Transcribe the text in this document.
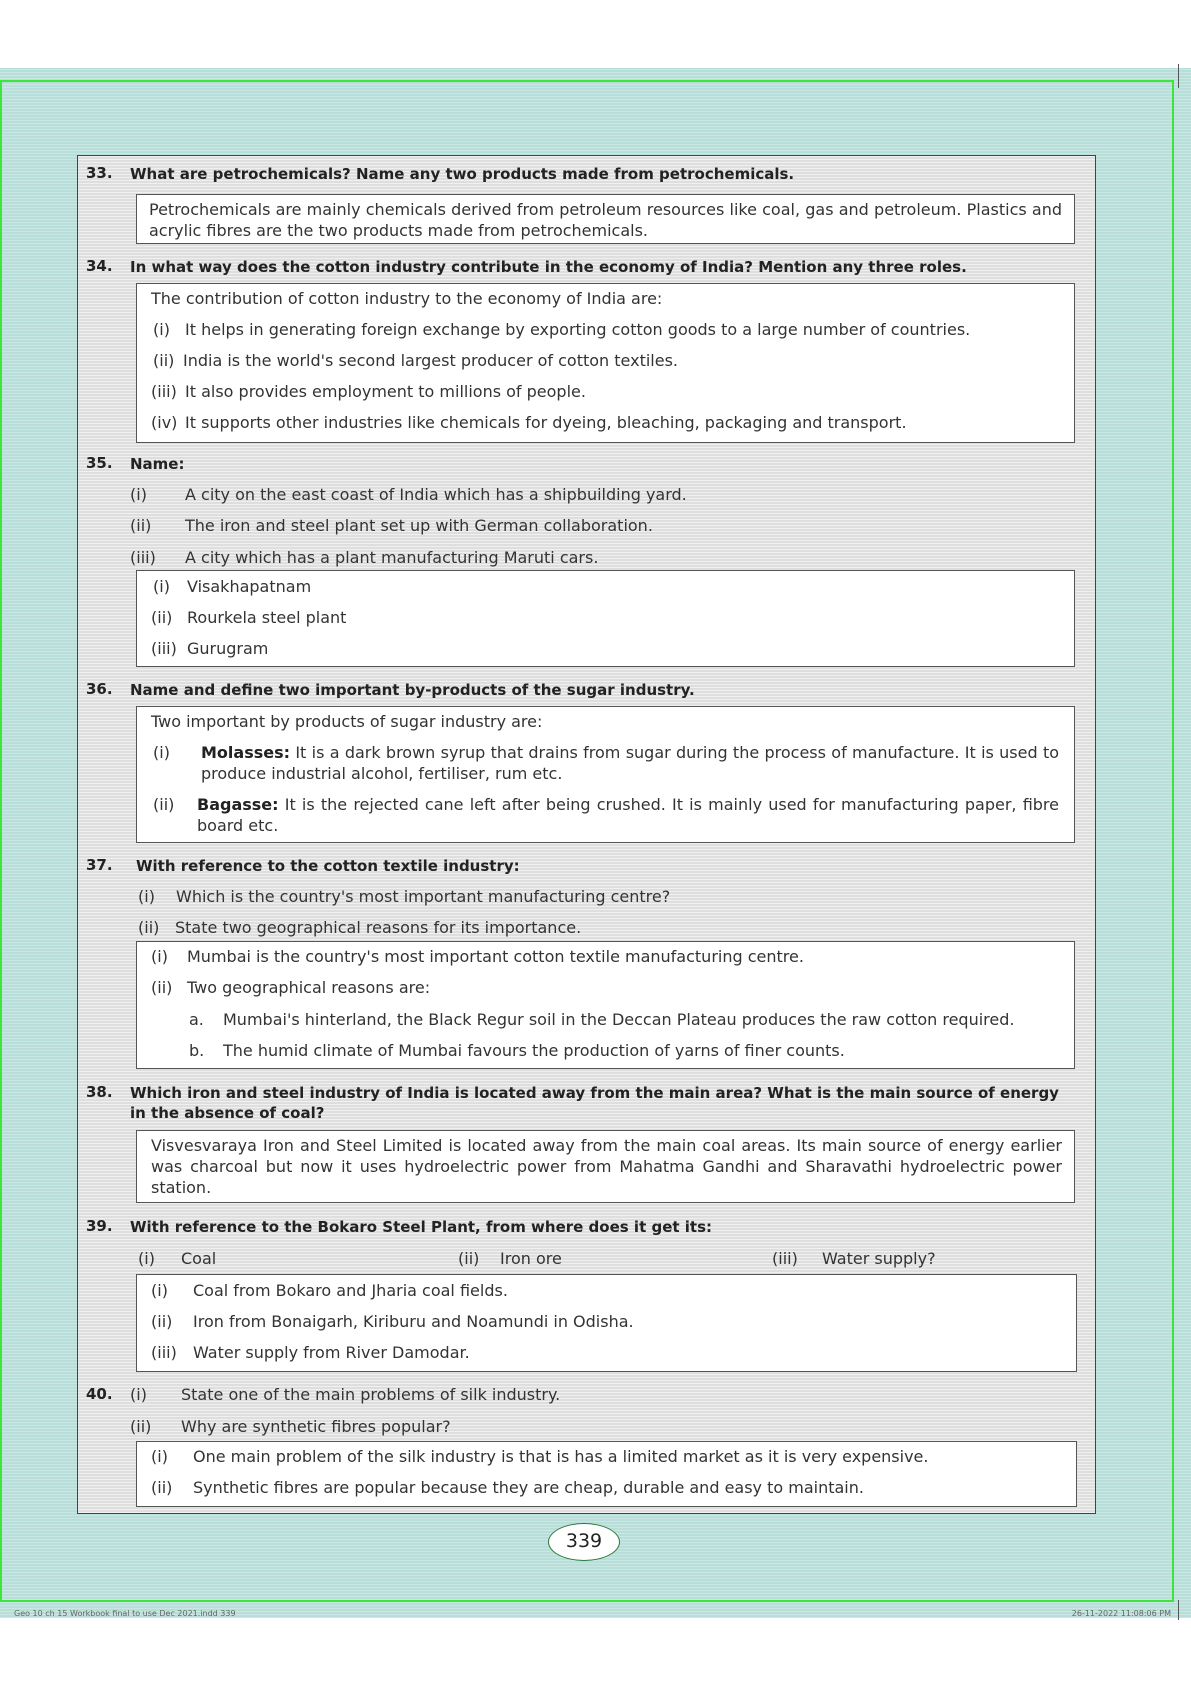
Geo 10 ch 15 Workbook final to use Dec 2021.indd 339	26-11-2022 11:08:06 PM
33. What are petrochemicals? Name any two products made from petrochemicals.
Petrochemicals are mainly chemicals derived from petroleum resources like coal, gas and petroleum. Plastics and acrylic fibres are the two products made from petrochemicals.
34. In what way does the cotton industry contribute in the economy of India? Mention any three roles.
The contribution of cotton industry to the economy of India are:
(i) It helps in generating foreign exchange by exporting cotton goods to a large number of countries.
(ii) India is the world's second largest producer of cotton textiles.
(iii) It also provides employment to millions of people.
(iv) It supports other industries like chemicals for dyeing, bleaching, packaging and transport.
35. Name:
(i) A city on the east coast of India which has a shipbuilding yard.
(ii) The iron and steel plant set up with German collaboration.
(iii) A city which has a plant manufacturing Maruti cars.
(i) Visakhapatnam
(ii) Rourkela steel plant
(iii) Gurugram
36. Name and define two important by-products of the sugar industry.
Two important by products of sugar industry are:
(i) Molasses: It is a dark brown syrup that drains from sugar during the process of manufacture. It is used to produce industrial alcohol, fertiliser, rum etc.
(ii) Bagasse: It is the rejected cane left after being crushed. It is mainly used for manufacturing paper, fibre board etc.
37. With reference to the cotton textile industry:
(i) Which is the country's most important manufacturing centre?
(ii) State two geographical reasons for its importance.
(i) Mumbai is the country's most important cotton textile manufacturing centre.
(ii) Two geographical reasons are:
a. Mumbai's hinterland, the Black Regur soil in the Deccan Plateau produces the raw cotton required.
b. The humid climate of Mumbai favours the production of yarns of finer counts.
38. Which iron and steel industry of India is located away from the main area? What is the main source of energy in the absence of coal?
Visvesvaraya Iron and Steel Limited is located away from the main coal areas. Its main source of energy earlier was charcoal but now it uses hydroelectric power from Mahatma Gandhi and Sharavathi hydroelectric power station.
39. With reference to the Bokaro Steel Plant, from where does it get its:
(i) Coal	(ii) Iron ore	(iii) Water supply?
(i) Coal from Bokaro and Jharia coal fields.
(ii) Iron from Bonaigarh, Kiriburu and Noamundi in Odisha.
(iii) Water supply from River Damodar.
40. (i) State one of the main problems of silk industry.
(ii) Why are synthetic fibres popular?
(i) One main problem of the silk industry is that is has a limited market as it is very expensive.
(ii) Synthetic fibres are popular because they are cheap, durable and easy to maintain.
339
